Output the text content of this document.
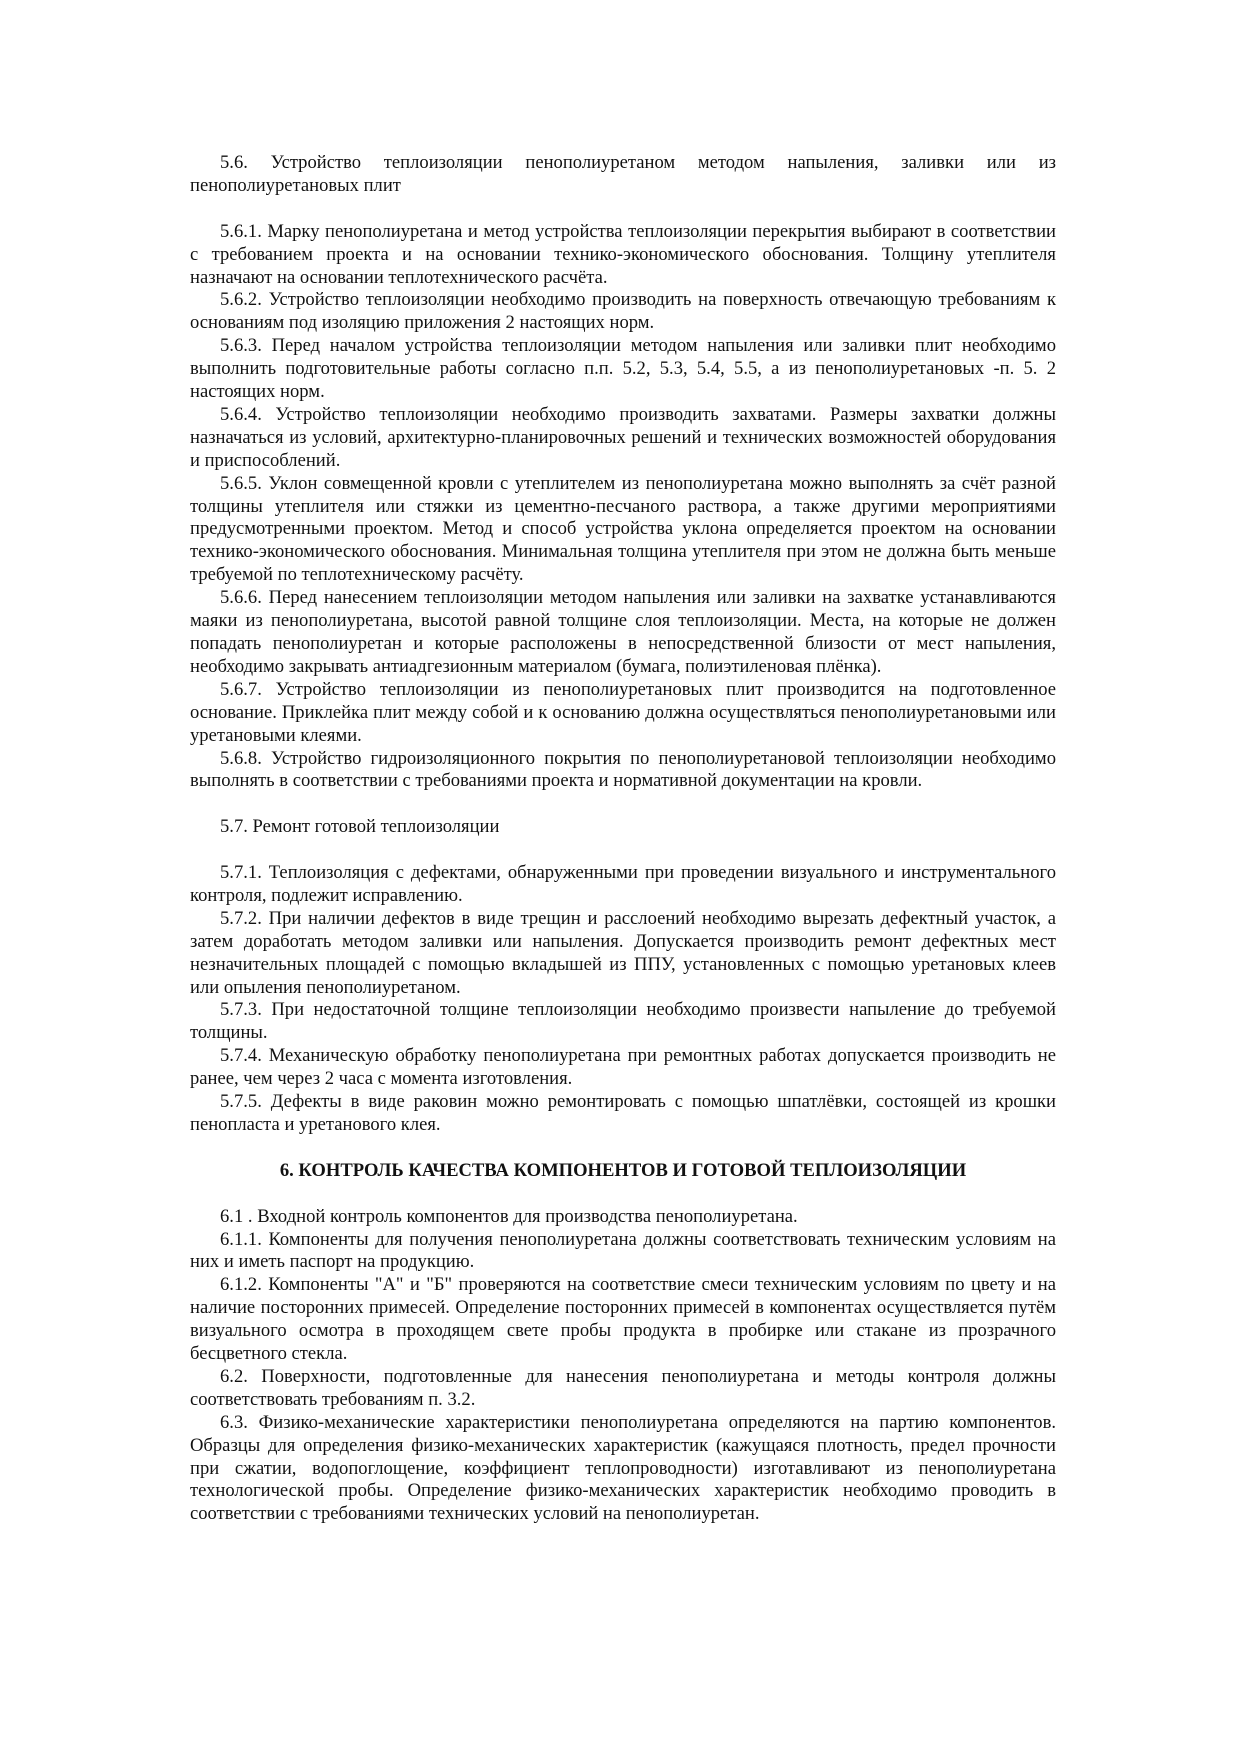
5.6. Устройство теплоизоляции пенополиуретаном методом напыления, заливки или из пенополиуретановых плит

5.6.1. Марку пенополиуретана и метод устройства теплоизоляции перекрытия выбирают в соответствии с требованием проекта и на основании технико-экономического обоснования. Толщину утеплителя назначают на основании теплотехнического расчёта.

5.6.2. Устройство теплоизоляции необходимо производить на поверхность отвечающую требованиям к основаниям под изоляцию приложения 2 настоящих норм.

5.6.3. Перед началом устройства теплоизоляции методом напыления или заливки плит необходимо выполнить подготовительные работы согласно п.п. 5.2, 5.3, 5.4, 5.5, а из пенополиуретановых -п. 5. 2 настоящих норм.

5.6.4. Устройство теплоизоляции необходимо производить захватами. Размеры захватки должны назначаться из условий, архитектурно-планировочных решений и технических возможностей оборудования и приспособлений.

5.6.5. Уклон совмещенной кровли с утеплителем из пенополиуретана можно выполнять за счёт разной толщины утеплителя или стяжки из цементно-песчаного раствора, а также другими мероприятиями предусмотренными проектом. Метод и способ устройства уклона определяется проектом на основании технико-экономического обоснования. Минимальная толщина утеплителя при этом не должна быть меньше требуемой по теплотехническому расчёту.

5.6.6. Перед нанесением теплоизоляции методом напыления или заливки на захватке устанавливаются маяки из пенополиуретана, высотой равной толщине слоя теплоизоляции. Места, на которые не должен попадать пенополиуретан и которые расположены в непосредственной близости от мест напыления, необходимо закрывать антиадгезионным материалом (бумага, полиэтиленовая плёнка).

5.6.7. Устройство теплоизоляции из пенополиуретановых плит производится на подготовленное основание. Приклейка плит между собой и к основанию должна осуществляться пенополиуретановыми или уретановыми клеями.

5.6.8. Устройство гидроизоляционного покрытия по пенополиуретановой теплоизоляции необходимо выполнять в соответствии с требованиями проекта и нормативной документации на кровли.

5.7. Ремонт готовой теплоизоляции

5.7.1. Теплоизоляция с дефектами, обнаруженными при проведении визуального и инструментального контроля, подлежит исправлению.

5.7.2. При наличии дефектов в виде трещин и расслоений необходимо вырезать дефектный участок, а затем доработать методом заливки или напыления. Допускается производить ремонт дефектных мест незначительных площадей с помощью вкладышей из ППУ, установленных с помощью уретановых клеев или опыления пенополиуретаном.

5.7.3. При недостаточной толщине теплоизоляции необходимо произвести напыление до требуемой толщины.

5.7.4. Механическую обработку пенополиуретана при ремонтных работах допускается производить не ранее, чем через 2 часа с момента изготовления.

5.7.5. Дефекты в виде раковин можно ремонтировать с помощью шпатлёвки, состоящей из крошки пенопласта и уретанового клея.

6. КОНТРОЛЬ КАЧЕСТВА КОМПОНЕНТОВ И ГОТОВОЙ ТЕПЛОИЗОЛЯЦИИ

6.1 . Входной контроль компонентов для производства пенополиуретана.

6.1.1. Компоненты для получения пенополиуретана должны соответствовать техническим условиям на них и иметь паспорт на продукцию.

6.1.2. Компоненты "А" и "Б" проверяются на соответствие смеси техническим условиям по цвету и на наличие посторонних примесей. Определение посторонних примесей в компонентах осуществляется путём визуального осмотра в проходящем свете пробы продукта в пробирке или стакане из прозрачного бесцветного стекла.

6.2. Поверхности, подготовленные для нанесения пенополиуретана и методы контроля должны соответствовать требованиям п. 3.2.

6.3. Физико-механические характеристики пенополиуретана определяются на партию компонентов. Образцы для определения физико-механических характеристик (кажущаяся плотность, предел прочности при сжатии, водопоглощение, коэффициент теплопроводности) изготавливают из пенополиуретана технологической пробы. Определение физико-механических характеристик необходимо проводить в соответствии с требованиями технических условий на пенополиуретан.
